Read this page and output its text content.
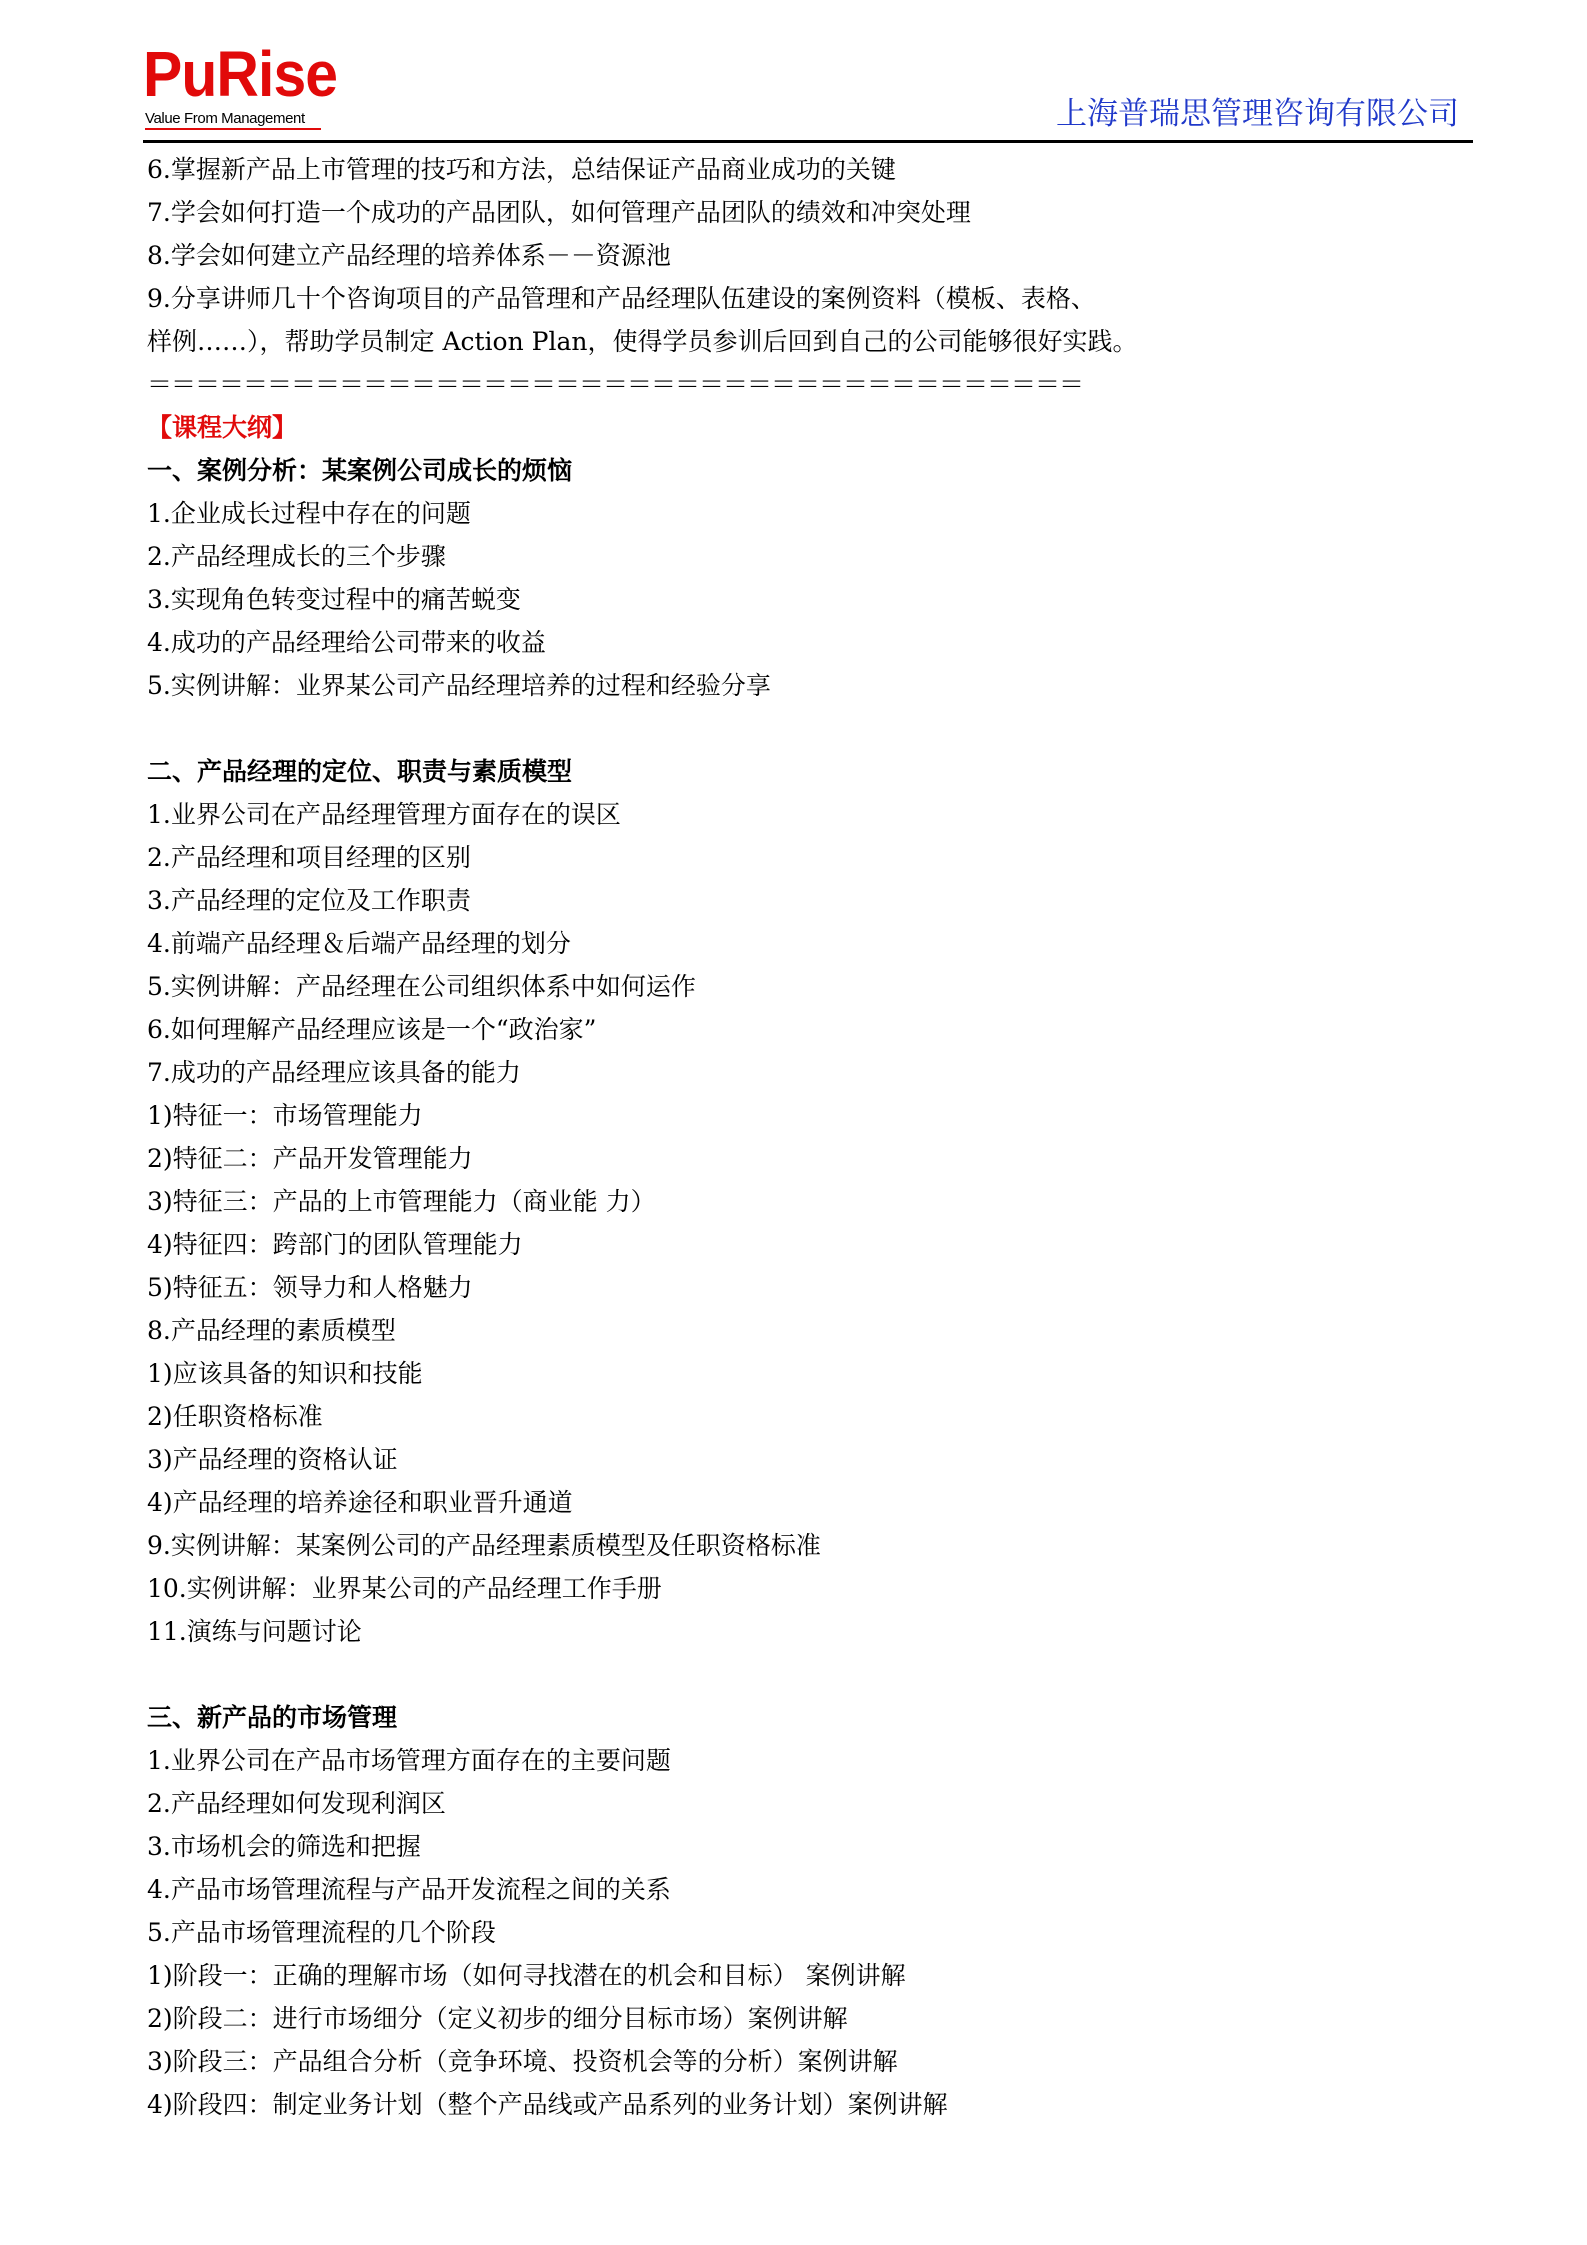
PuRise
Value From Management	上海普瑞思管理咨询有限公司
6.掌握新产品上市管理的技巧和方法，总结保证产品商业成功的关键
7.学会如何打造一个成功的产品团队，如何管理产品团队的绩效和冲突处理
8.学会如何建立产品经理的培养体系－－资源池
9.分享讲师几十个咨询项目的产品管理和产品经理队伍建设的案例资料（模板、表格、
样例……），帮助学员制定 Action Plan，使得学员参训后回到自己的公司能够很好实践。
＝＝＝＝＝＝＝＝＝＝＝＝＝＝＝＝＝＝＝＝＝＝＝＝＝＝＝＝＝＝＝＝＝＝＝＝＝＝＝
【课程大纲】
一、案例分析：某案例公司成长的烦恼
1.企业成长过程中存在的问题
2.产品经理成长的三个步骤
3.实现角色转变过程中的痛苦蜕变
4.成功的产品经理给公司带来的收益
5.实例讲解：业界某公司产品经理培养的过程和经验分享
二、产品经理的定位、职责与素质模型
1.业界公司在产品经理管理方面存在的误区
2.产品经理和项目经理的区别
3.产品经理的定位及工作职责
4.前端产品经理＆后端产品经理的划分
5.实例讲解：产品经理在公司组织体系中如何运作
6.如何理解产品经理应该是一个“政治家”
7.成功的产品经理应该具备的能力
1)特征一：市场管理能力
2)特征二：产品开发管理能力
3)特征三：产品的上市管理能力（商业能 力）
4)特征四：跨部门的团队管理能力
5)特征五：领导力和人格魅力
8.产品经理的素质模型
1)应该具备的知识和技能
2)任职资格标准
3)产品经理的资格认证
4)产品经理的培养途径和职业晋升通道
9.实例讲解：某案例公司的产品经理素质模型及任职资格标准
10.实例讲解：业界某公司的产品经理工作手册
11.演练与问题讨论
三、新产品的市场管理
1.业界公司在产品市场管理方面存在的主要问题
2.产品经理如何发现利润区
3.市场机会的筛选和把握
4.产品市场管理流程与产品开发流程之间的关系
5.产品市场管理流程的几个阶段
1)阶段一：正确的理解市场（如何寻找潜在的机会和目标） 案例讲解
2)阶段二：进行市场细分（定义初步的细分目标市场）案例讲解
3)阶段三：产品组合分析（竞争环境、投资机会等的分析）案例讲解
4)阶段四：制定业务计划（整个产品线或产品系列的业务计划）案例讲解
